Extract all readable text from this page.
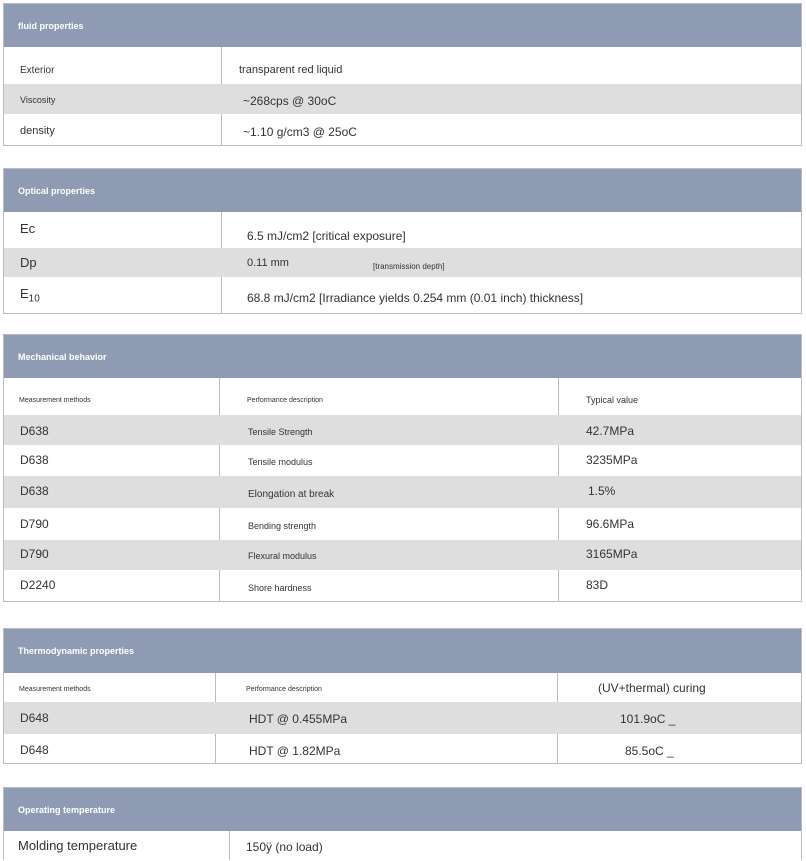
fluid properties
Exterior	transparent red liquid
Viscosity	~268cps @ 30oC
density	~1.10 g/cm3 @ 25oC
Optical properties
Ec	6.5 mJ/cm2 [critical exposure]
Dp	0.11 mm	[transmission depth]
$E_{10}$	68.8 mJ/cm2 [Irradiance yields 0.254 mm (0.01 inch) thickness]
Mechanical behavior
Measurement methods	Performance description	Typical value
D638	Tensile Strength	42.7MPa
D638	Tensile modulus	3235MPa
D638	Elongation at break	1.5%
D790	Bending strength	96.6MPa
D790	Flexural modulus	3165MPa
D2240	Shore hardness	83D
Thermodynamic properties
Measurement methods	Performance description	(UV+thermal) curing
D648	HDT @ 0.455MPa	101.9oC _
D648	HDT @ 1.82MPa	85.5oC _
Operating temperature
Molding temperature	150ÿ (no load)
